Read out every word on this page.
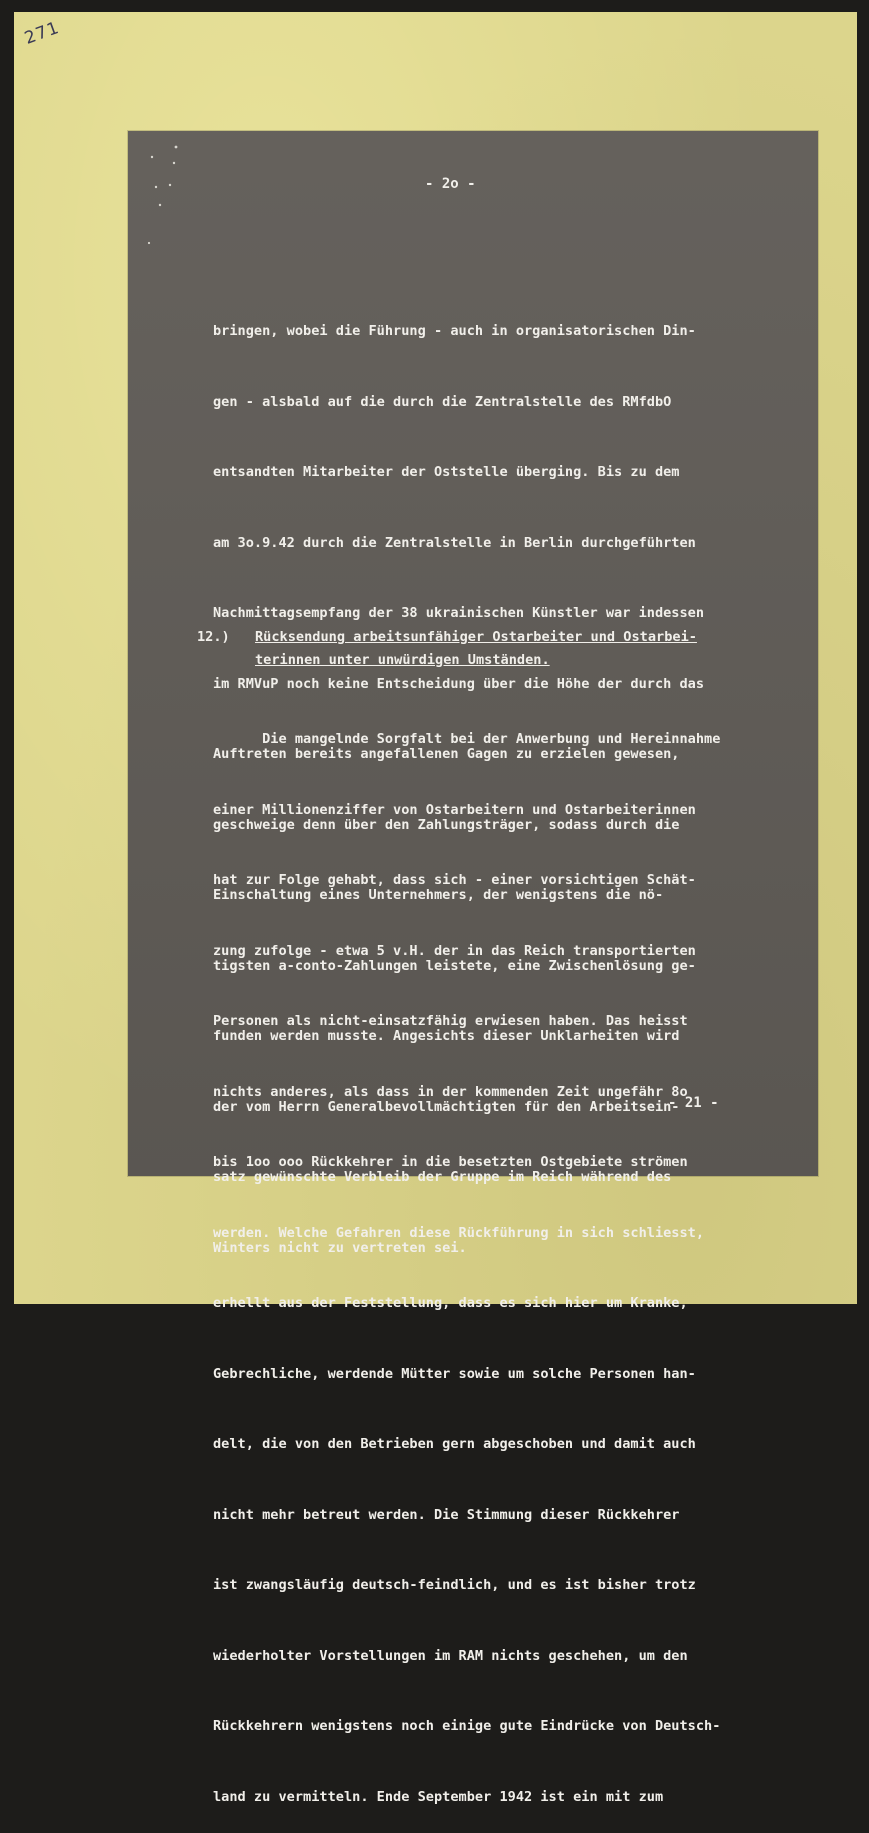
271
- 2o -

bringen, wobei die Führung - auch in organisatorischen Din-

gen - alsbald auf die durch die Zentralstelle des RMfdbO

entsandten Mitarbeiter der Oststelle überging. Bis zu dem

am 3o.9.42 durch die Zentralstelle in Berlin durchgeführten

Nachmittagsempfang der 38 ukrainischen Künstler war indessen

im RMVuP noch keine Entscheidung über die Höhe der durch das

Auftreten bereits angefallenen Gagen zu erzielen gewesen,

geschweige denn über den Zahlungsträger, sodass durch die

Einschaltung eines Unternehmers, der wenigstens die nö-

tigsten a-conto-Zahlungen leistete, eine Zwischenlösung ge-

funden werden musste. Angesichts dieser Unklarheiten wird

der vom Herrn Generalbevollmächtigten für den Arbeitsein-

satz gewünschte Verbleib der Gruppe im Reich während des

Winters nicht zu vertreten sei.

12.) Rücksendung arbeitsunfähiger Ostarbeiter und Ostarbei-
terinnen unter unwürdigen Umständen.

Die mangelnde Sorgfalt bei der Anwerbung und Hereinnahme

einer Millionenziffer von Ostarbeitern und Ostarbeiterinnen

hat zur Folge gehabt, dass sich - einer vorsichtigen Schät-

zung zufolge - etwa 5 v.H. der in das Reich transportierten

Personen als nicht-einsatzfähig erwiesen haben. Das heisst

nichts anderes, als dass in der kommenden Zeit ungefähr 8o

bis 1oo ooo Rückkehrer in die besetzten Ostgebiete strömen

werden. Welche Gefahren diese Rückführung in sich schliesst,

erhellt aus der Feststellung, dass es sich hier um Kranke,

Gebrechliche, werdende Mütter sowie um solche Personen han-

delt, die von den Betrieben gern abgeschoben und damit auch

nicht mehr betreut werden. Die Stimmung dieser Rückkehrer

ist zwangsläufig deutsch-feindlich, und es ist bisher trotz

wiederholter Vorstellungen im RAM nichts geschehen, um den

Rückkehrern wenigstens noch einige gute Eindrücke von Deutsch-

land zu vermitteln. Ende September 1942 ist ein mit zum

- 21 -
